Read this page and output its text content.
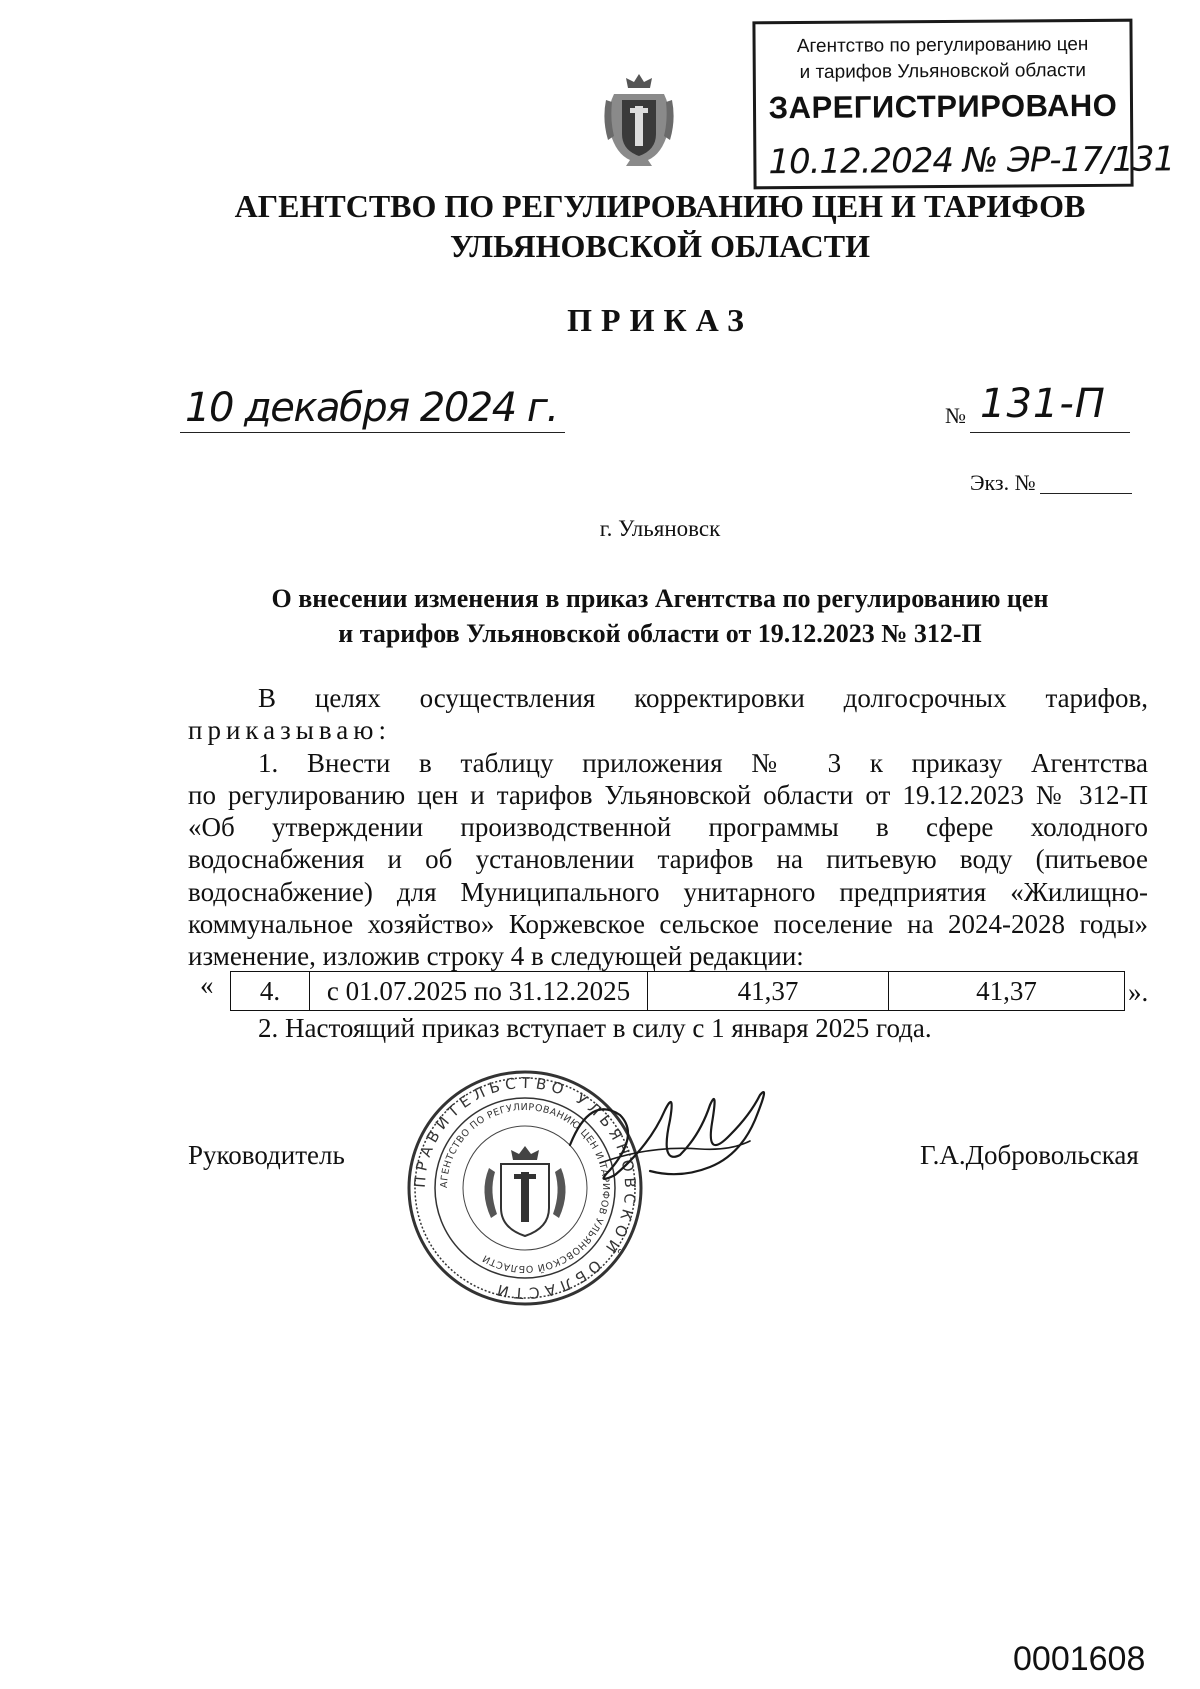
Агентство по регулированию цен
и тарифов Ульяновской области
ЗАРЕГИСТРИРОВАНО
10.12.2024 № ЭР-17/131
АГЕНТСТВО ПО РЕГУЛИРОВАНИЮ ЦЕН И ТАРИФОВ
УЛЬЯНОВСКОЙ ОБЛАСТИ
ПРИКАЗ
10 декабря 2024 г.	№ 131-П
Экз. №
г. Ульяновск
О внесении изменения в приказ Агентства по регулированию цен
и тарифов Ульяновской области от 19.12.2023 № 312-П
В целях осуществления корректировки долгосрочных тарифов,
приказываю:
1. Внести в таблицу приложения № 3 к приказу Агентства
по регулированию цен и тарифов Ульяновской области от 19.12.2023 № 312-П
«Об утверждении производственной программы в сфере холодного
водоснабжения и об установлении тарифов на питьевую воду (питьевое
водоснабжение) для Муниципального унитарного предприятия «Жилищно-
коммунальное хозяйство» Коржевское сельское поселение на 2024-2028 годы»
изменение, изложив строку 4 в следующей редакции:
« 4.	с 01.07.2025 по 31.12.2025	41,37	41,37	».
2. Настоящий приказ вступает в силу с 1 января 2025 года.
Руководитель	Г.А.Добровольская
ПРАВИТЕЛЬСТВО УЛЬЯНОВСКОЙ ОБЛАСТИ
АГЕНТСТВО ПО РЕГУЛИРОВАНИЮ ЦЕН И ТАРИФОВ УЛЬЯНОВСКОЙ ОБЛАСТИ
0001608
